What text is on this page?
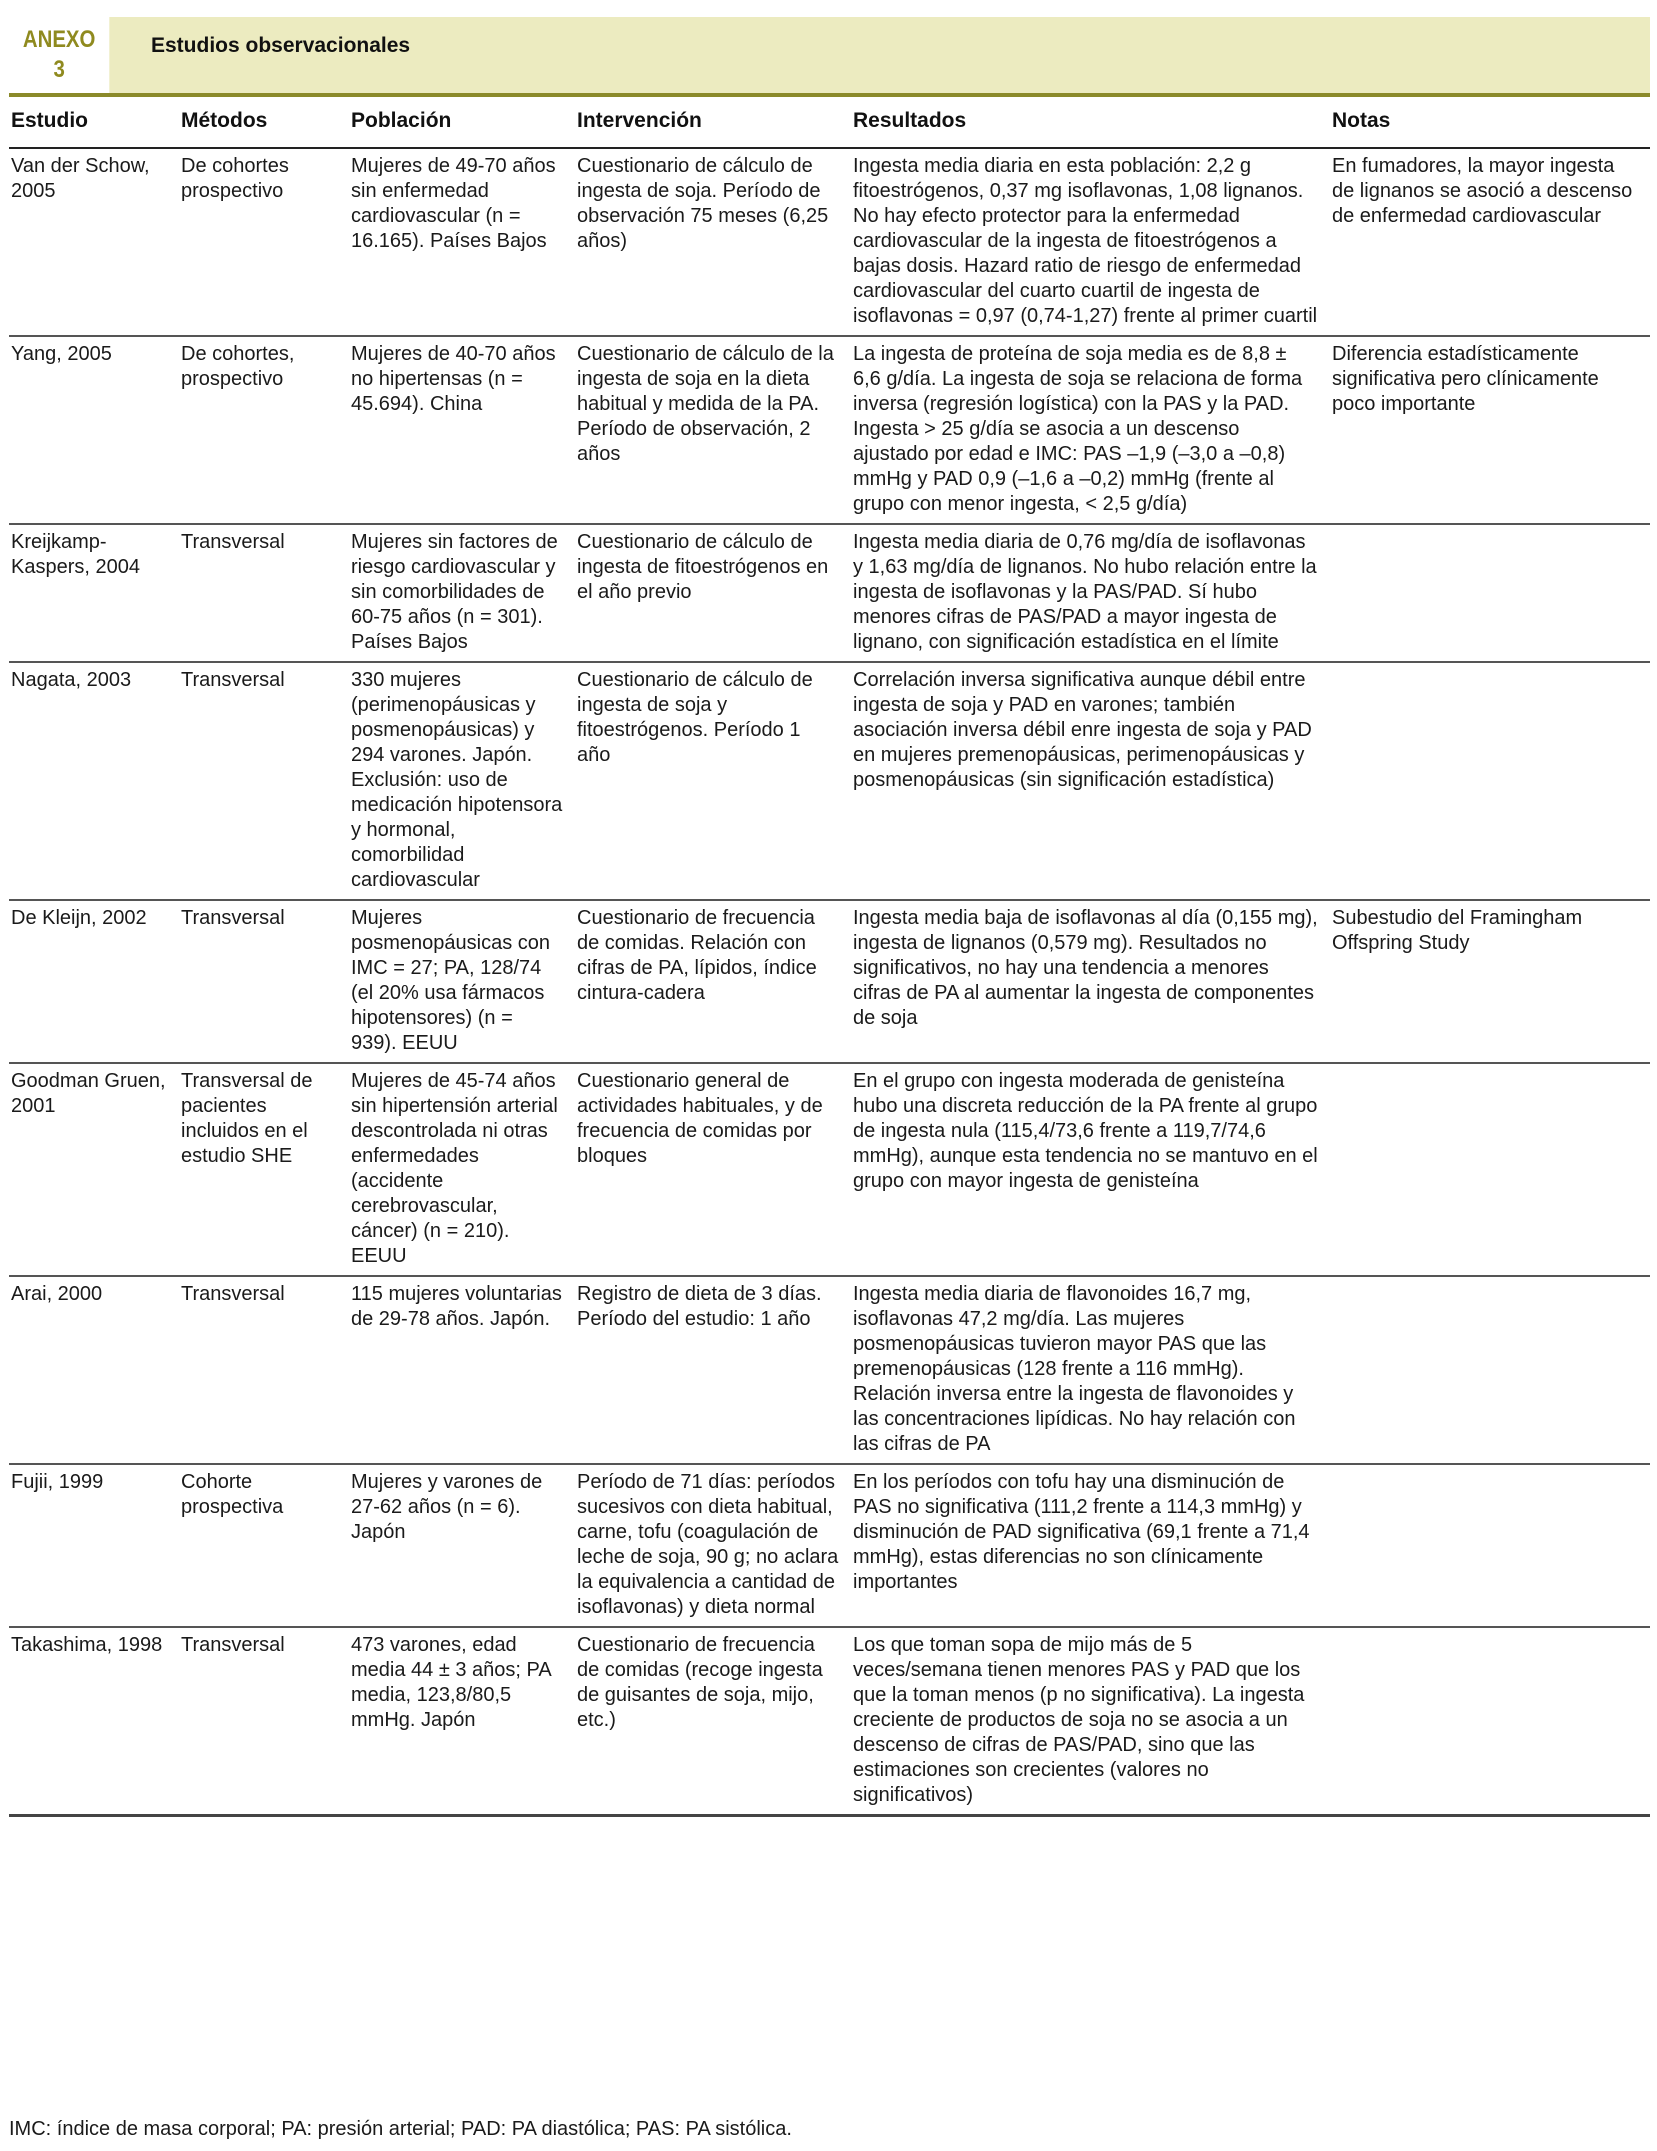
ANEXO
3
Estudios observacionales
Estudio	Métodos	Población	Intervención	Resultados	Notas
Van der Schow, 2005	De cohortes prospectivo	Mujeres de 49-70 años sin enfermedad cardiovascular (n = 16.165). Países Bajos	Cuestionario de cálculo de ingesta de soja. Período de observación 75 meses (6,25 años)	Ingesta media diaria en esta población: 2,2 g fitoestrógenos, 0,37 mg isoflavonas, 1,08 lignanos. No hay efecto protector para la enfermedad cardiovascular de la ingesta de fitoestrógenos a bajas dosis. Hazard ratio de riesgo de enfermedad cardiovascular del cuarto cuartil de ingesta de isoflavonas = 0,97 (0,74-1,27) frente al primer cuartil	En fumadores, la mayor ingesta de lignanos se asoció a descenso de enfermedad cardiovascular
Yang, 2005	De cohortes, prospectivo	Mujeres de 40-70 años no hipertensas (n = 45.694). China	Cuestionario de cálculo de la ingesta de soja en la dieta habitual y medida de la PA. Período de observación, 2 años	La ingesta de proteína de soja media es de 8,8 ± 6,6 g/día. La ingesta de soja se relaciona de forma inversa (regresión logística) con la PAS y la PAD. Ingesta > 25 g/día se asocia a un descenso ajustado por edad e IMC: PAS –1,9 (–3,0 a –0,8) mmHg y PAD 0,9 (–1,6 a –0,2) mmHg (frente al grupo con menor ingesta, < 2,5 g/día)	Diferencia estadísticamente significativa pero clínicamente poco importante
Kreijkamp-Kaspers, 2004	Transversal	Mujeres sin factores de riesgo cardiovascular y sin comorbilidades de 60-75 años (n = 301). Países Bajos	Cuestionario de cálculo de ingesta de fitoestrógenos en el año previo	Ingesta media diaria de 0,76 mg/día de isoflavonas y 1,63 mg/día de lignanos. No hubo relación entre la ingesta de isoflavonas y la PAS/PAD. Sí hubo menores cifras de PAS/PAD a mayor ingesta de lignano, con significación estadística en el límite	
Nagata, 2003	Transversal	330 mujeres (perimenopáusicas y posmenopáusicas) y 294 varones. Japón. Exclusión: uso de medicación hipotensora y hormonal, comorbilidad cardiovascular	Cuestionario de cálculo de ingesta de soja y fitoestrógenos. Período 1 año	Correlación inversa significativa aunque débil entre ingesta de soja y PAD en varones; también asociación inversa débil enre ingesta de soja y PAD en mujeres premenopáusicas, perimenopáusicas y posmenopáusicas (sin significación estadística)	
De Kleijn, 2002	Transversal	Mujeres posmenopáusicas con IMC = 27; PA, 128/74 (el 20% usa fármacos hipotensores) (n = 939). EEUU	Cuestionario de frecuencia de comidas. Relación con cifras de PA, lípidos, índice cintura-cadera	Ingesta media baja de isoflavonas al día (0,155 mg), ingesta de lignanos (0,579 mg). Resultados no significativos, no hay una tendencia a menores cifras de PA al aumentar la ingesta de componentes de soja	Subestudio del Framingham Offspring Study
Goodman Gruen, 2001	Transversal de pacientes incluidos en el estudio SHE	Mujeres de 45-74 años sin hipertensión arterial descontrolada ni otras enfermedades (accidente cerebrovascular, cáncer) (n = 210). EEUU	Cuestionario general de actividades habituales, y de frecuencia de comidas por bloques	En el grupo con ingesta moderada de genisteína hubo una discreta reducción de la PA frente al grupo de ingesta nula (115,4/73,6 frente a 119,7/74,6 mmHg), aunque esta tendencia no se mantuvo en el grupo con mayor ingesta de genisteína	
Arai, 2000	Transversal	115 mujeres voluntarias de 29-78 años. Japón.	Registro de dieta de 3 días. Período del estudio: 1 año	Ingesta media diaria de flavonoides 16,7 mg, isoflavonas 47,2 mg/día. Las mujeres posmenopáusicas tuvieron mayor PAS que las premenopáusicas (128 frente a 116 mmHg). Relación inversa entre la ingesta de flavonoides y las concentraciones lipídicas. No hay relación con las cifras de PA	
Fujii, 1999	Cohorte prospectiva	Mujeres y varones de 27-62 años (n = 6). Japón	Período de 71 días: períodos sucesivos con dieta habitual, carne, tofu (coagulación de leche de soja, 90 g; no aclara la equivalencia a cantidad de isoflavonas) y dieta normal	En los períodos con tofu hay una disminución de PAS no significativa (111,2 frente a 114,3 mmHg) y disminución de PAD significativa (69,1 frente a 71,4 mmHg), estas diferencias no son clínicamente importantes	
Takashima, 1998	Transversal	473 varones, edad media 44 ± 3 años; PA media, 123,8/80,5 mmHg. Japón	Cuestionario de frecuencia de comidas (recoge ingesta de guisantes de soja, mijo, etc.)	Los que toman sopa de mijo más de 5 veces/semana tienen menores PAS y PAD que los que la toman menos (p no significativa). La ingesta creciente de productos de soja no se asocia a un descenso de cifras de PAS/PAD, sino que las estimaciones son crecientes (valores no significativos)	
IMC: índice de masa corporal; PA: presión arterial; PAD: PA diastólica; PAS: PA sistólica.
